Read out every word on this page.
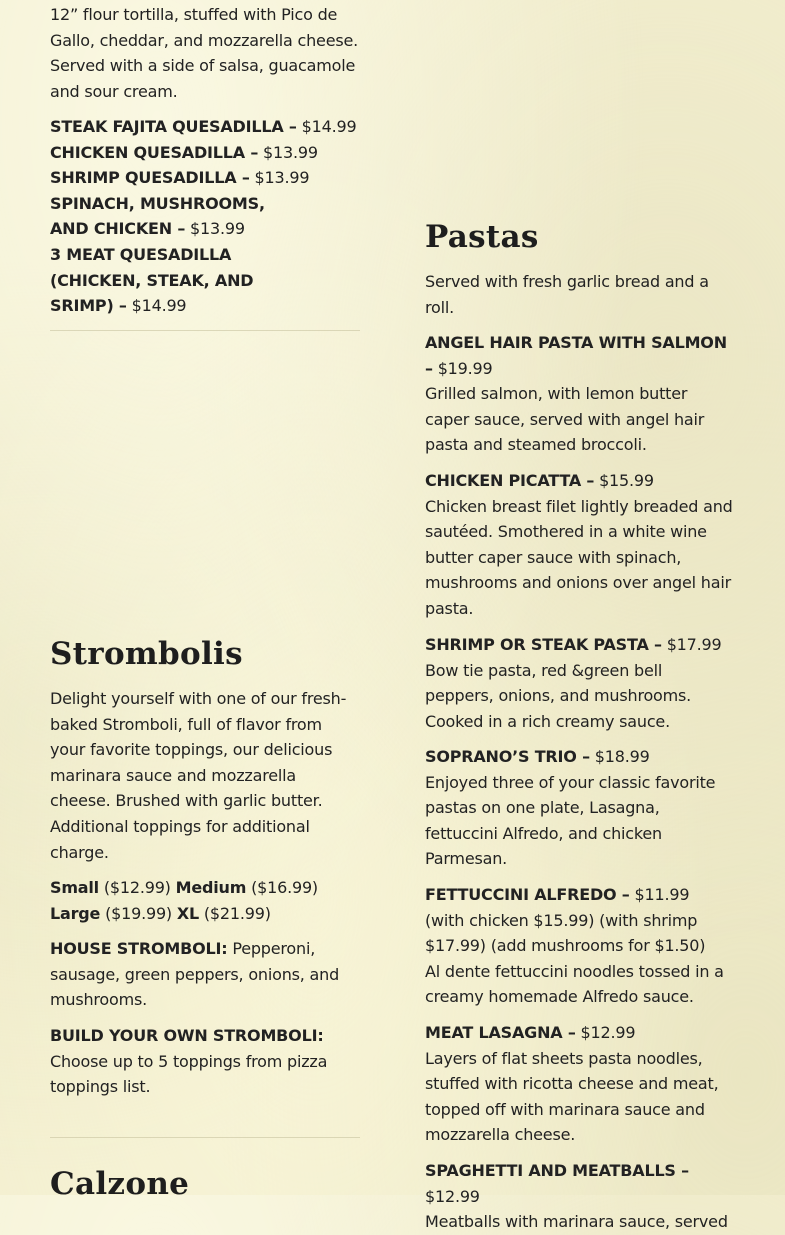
12” flour tortilla, stuffed with Pico de Gallo, cheddar, and mozzarella cheese. Served with a side of salsa, guacamole and sour cream.

STEAK FAJITA QUESADILLA – $14.99
CHICKEN QUESADILLA – $13.99
SHRIMP QUESADILLA – $13.99
SPINACH, MUSHROOMS, AND CHICKEN – $13.99
3 MEAT QUESADILLA (CHICKEN, STEAK, AND SRIMP) – $14.99
Strombolis

Delight yourself with one of our fresh-baked Stromboli, full of flavor from your favorite toppings, our delicious marinara sauce and mozzarella cheese. Brushed with garlic butter. Additional toppings for additional charge.

Small ($12.99) Medium ($16.99) Large ($19.99) XL ($21.99)

HOUSE STROMBOLI: Pepperoni, sausage, green peppers, onions, and mushrooms.

BUILD YOUR OWN STROMBOLI:
Choose up to 5 toppings from pizza toppings list.
Calzone
Pastas

Served with fresh garlic bread and a roll.

ANGEL HAIR PASTA WITH SALMON – $19.99
Grilled salmon, with lemon butter caper sauce, served with angel hair pasta and steamed broccoli.
CHICKEN PICATTA – $15.99
Chicken breast filet lightly breaded and sautéed. Smothered in a white wine butter caper sauce with spinach, mushrooms and onions over angel hair pasta.
SHRIMP OR STEAK PASTA – $17.99
Bow tie pasta, red &green bell peppers, onions, and mushrooms. Cooked in a rich creamy sauce.
SOPRANO’S TRIO – $18.99
Enjoyed three of your classic favorite pastas on one plate, Lasagna, fettuccini Alfredo, and chicken Parmesan.
FETTUCCINI ALFREDO – $11.99
(with chicken $15.99) (with shrimp $17.99) (add mushrooms for $1.50)
Al dente fettuccini noodles tossed in a creamy homemade Alfredo sauce.
MEAT LASAGNA – $12.99
Layers of flat sheets pasta noodles, stuffed with ricotta cheese and meat, topped off with marinara sauce and mozzarella cheese.
SPAGHETTI AND MEATBALLS – $12.99
Meatballs with marinara sauce, served
